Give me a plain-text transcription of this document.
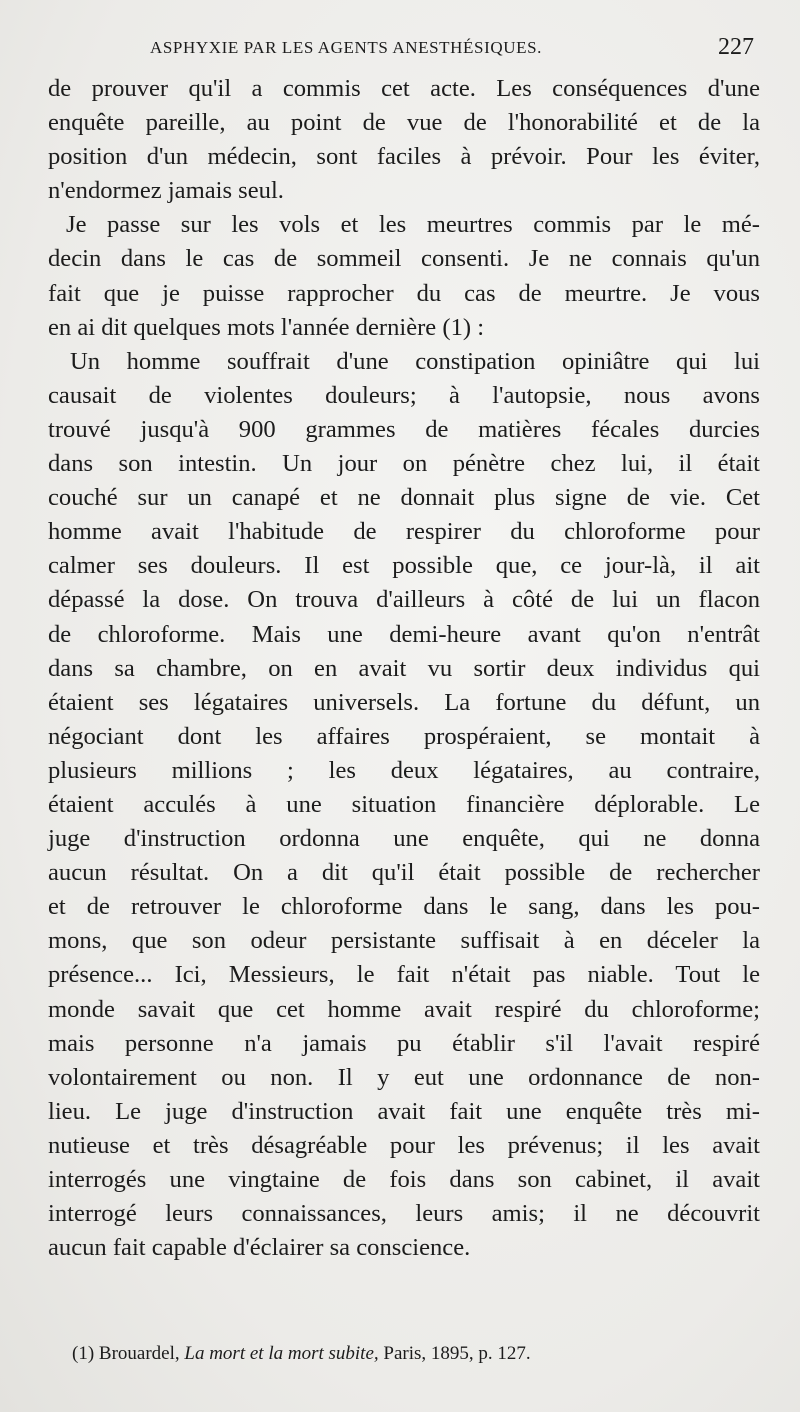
ASPHYXIE PAR LES AGENTS ANESTHÉSIQUES.	227
de prouver qu'il a commis cet acte. Les conséquences d'une
enquête pareille, au point de vue de l'honorabilité et de la
position d'un médecin, sont faciles à prévoir. Pour les éviter,
n'endormez jamais seul.
Je passe sur les vols et les meurtres commis par le mé-
decin dans le cas de sommeil consenti. Je ne connais qu'un
fait que je puisse rapprocher du cas de meurtre. Je vous
en ai dit quelques mots l'année dernière (1) :
Un homme souffrait d'une constipation opiniâtre qui lui
causait de violentes douleurs; à l'autopsie, nous avons
trouvé jusqu'à 900 grammes de matières fécales durcies
dans son intestin. Un jour on pénètre chez lui, il était
couché sur un canapé et ne donnait plus signe de vie. Cet
homme avait l'habitude de respirer du chloroforme pour
calmer ses douleurs. Il est possible que, ce jour-là, il ait
dépassé la dose. On trouva d'ailleurs à côté de lui un flacon
de chloroforme. Mais une demi-heure avant qu'on n'entrât
dans sa chambre, on en avait vu sortir deux individus qui
étaient ses légataires universels. La fortune du défunt, un
négociant dont les affaires prospéraient, se montait à
plusieurs millions ; les deux légataires, au contraire,
étaient acculés à une situation financière déplorable. Le
juge d'instruction ordonna une enquête, qui ne donna
aucun résultat. On a dit qu'il était possible de rechercher
et de retrouver le chloroforme dans le sang, dans les pou-
mons, que son odeur persistante suffisait à en déceler la
présence... Ici, Messieurs, le fait n'était pas niable. Tout le
monde savait que cet homme avait respiré du chloroforme;
mais personne n'a jamais pu établir s'il l'avait respiré
volontairement ou non. Il y eut une ordonnance de non-
lieu. Le juge d'instruction avait fait une enquête très mi-
nutieuse et très désagréable pour les prévenus; il les avait
interrogés une vingtaine de fois dans son cabinet, il avait
interrogé leurs connaissances, leurs amis; il ne découvrit
aucun fait capable d'éclairer sa conscience.
(1) Brouardel, La mort et la mort subite, Paris, 1895, p. 127.
